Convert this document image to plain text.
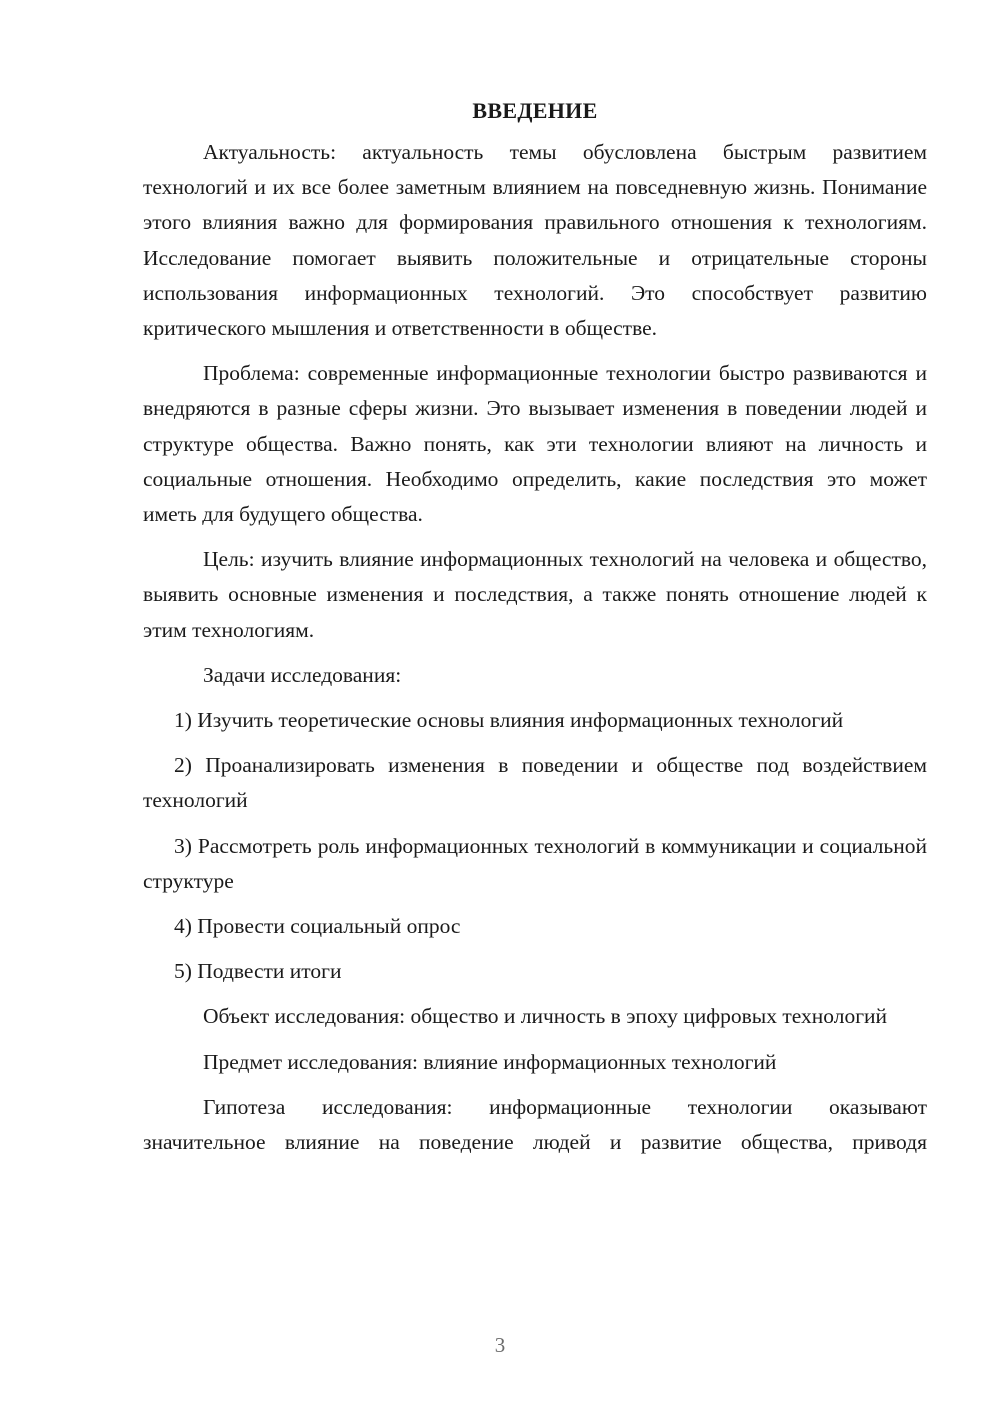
ВВЕДЕНИЕ

Актуальность: актуальность темы обусловлена быстрым развитием технологий и их все более заметным влиянием на повседневную жизнь. Понимание этого влияния важно для формирования правильного отношения к технологиям. Исследование помогает выявить положительные и отрицательные стороны использования информационных технологий. Это способствует развитию критического мышления и ответственности в обществе.

Проблема: современные информационные технологии быстро развиваются и внедряются в разные сферы жизни. Это вызывает изменения в поведении людей и структуре общества. Важно понять, как эти технологии влияют на личность и социальные отношения. Необходимо определить, какие последствия это может иметь для будущего общества.

Цель: изучить влияние информационных технологий на человека и общество, выявить основные изменения и последствия, а также понять отношение людей к этим технологиям.

Задачи исследования:

1) Изучить теоретические основы влияния информационных технологий

2) Проанализировать изменения в поведении и обществе под воздействием технологий

3) Рассмотреть роль информационных технологий в коммуникации и социальной структуре

4) Провести социальный опрос

5) Подвести итоги

Объект исследования: общество и личность в эпоху цифровых технологий

Предмет исследования: влияние информационных технологий

Гипотеза исследования: информационные технологии оказывают значительное влияние на поведение людей и развитие общества, приводя

3
